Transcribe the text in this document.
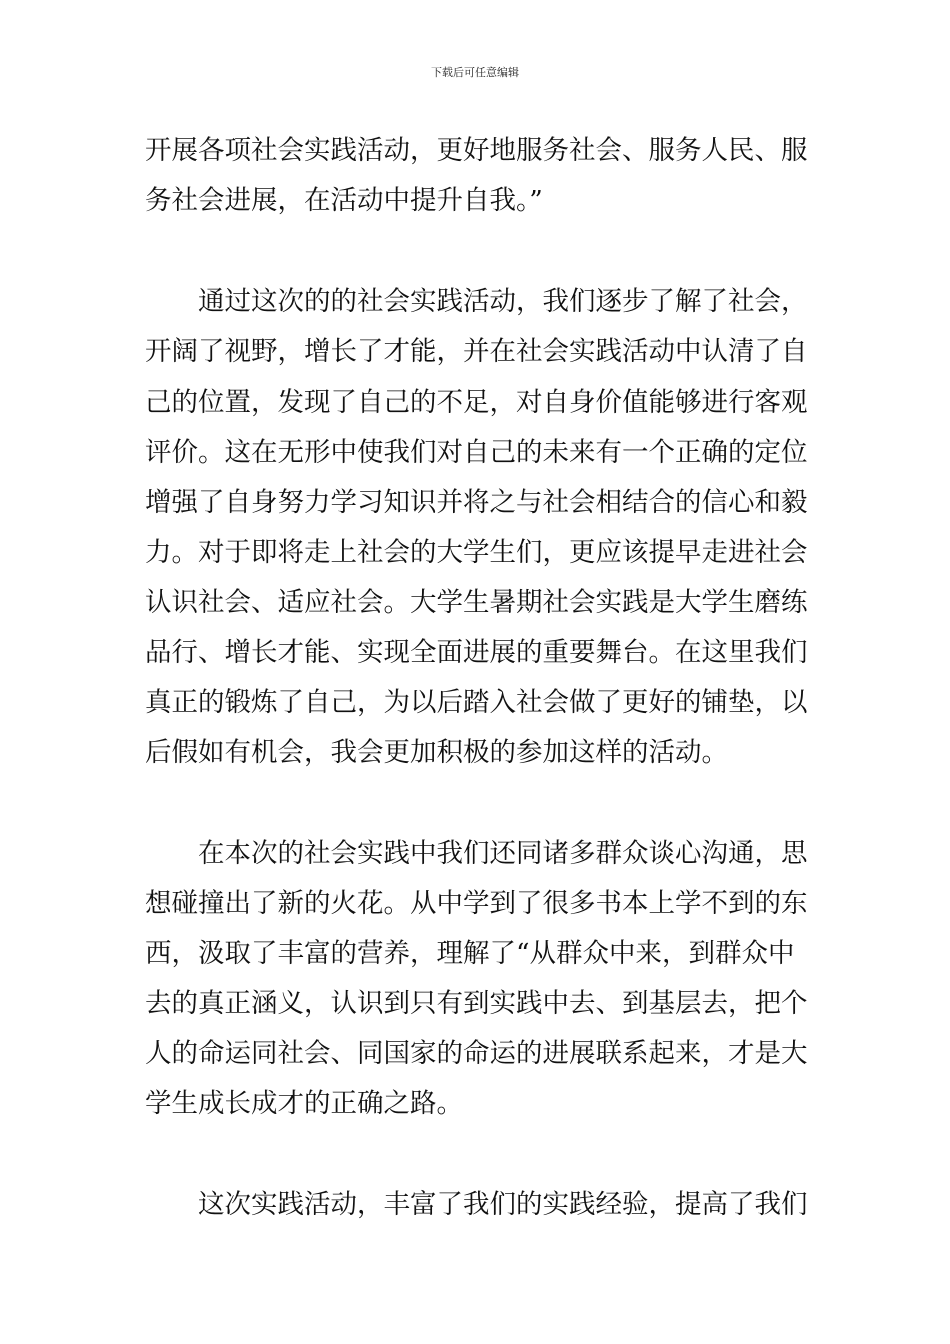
下载后可任意编辑
开展各项社会实践活动，更好地服务社会、服务人民、服
务社会进展，在活动中提升自我。”
　　通过这次的的社会实践活动，我们逐步了解了社会，
开阔了视野，增长了才能，并在社会实践活动中认清了自
己的位置，发现了自己的不足，对自身价值能够进行客观
评价。这在无形中使我们对自己的未来有一个正确的定位
增强了自身努力学习知识并将之与社会相结合的信心和毅
力。对于即将走上社会的大学生们，更应该提早走进社会
认识社会、适应社会。大学生暑期社会实践是大学生磨练
品行、增长才能、实现全面进展的重要舞台。在这里我们
真正的锻炼了自己，为以后踏入社会做了更好的铺垫，以
后假如有机会，我会更加积极的参加这样的活动。
　　在本次的社会实践中我们还同诸多群众谈心沟通，思
想碰撞出了新的火花。从中学到了很多书本上学不到的东
西，汲取了丰富的营养，理解了“从群众中来，到群众中
去的真正涵义，认识到只有到实践中去、到基层去，把个
人的命运同社会、同国家的命运的进展联系起来，才是大
学生成长成才的正确之路。
　　这次实践活动，丰富了我们的实践经验，提高了我们
